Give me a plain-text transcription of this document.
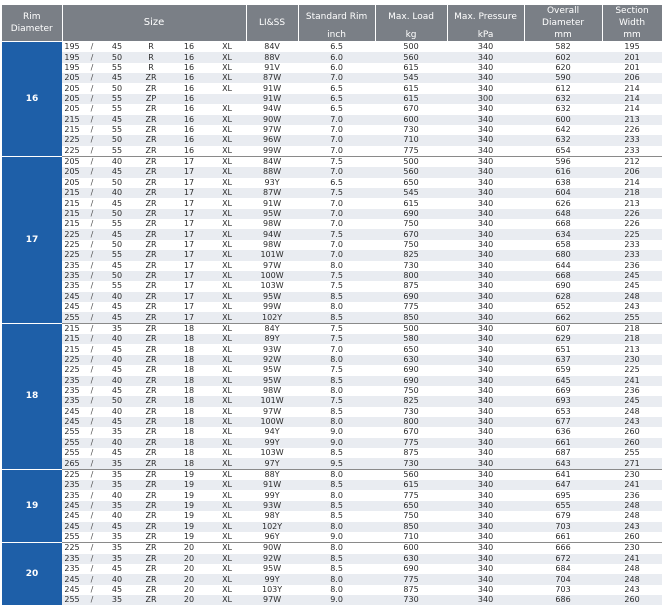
Rim Diameter	Size						LI&SS	Standard Rim	Max. Load	Max. Pressure	Overall Diameter	Section Width
								inch	kg	kPa	mm	mm
16	195	/	45	R	16	XL	84V	6.5	500	340	582	195
	195	/	50	R	16	XL	88V	6.0	560	340	602	201
	195	/	55	R	16	XL	91V	6.0	615	340	620	201
	205	/	45	ZR	16	XL	87W	7.0	545	340	590	206
	205	/	50	ZR	16	XL	91W	6.5	615	340	612	214
	205	/	55	ZP	16		91W	6.5	615	300	632	214
	205	/	55	ZR	16	XL	94W	6.5	670	340	632	214
	215	/	45	ZR	16	XL	90W	7.0	600	340	600	213
	215	/	55	ZR	16	XL	97W	7.0	730	340	642	226
	225	/	50	ZR	16	XL	96W	7.0	710	340	632	233
	225	/	55	ZR	16	XL	99W	7.0	775	340	654	233
17	205	/	40	ZR	17	XL	84W	7.5	500	340	596	212
	205	/	45	ZR	17	XL	88W	7.0	560	340	616	206
	205	/	50	ZR	17	XL	93Y	6.5	650	340	638	214
	215	/	40	ZR	17	XL	87W	7.5	545	340	604	218
	215	/	45	ZR	17	XL	91W	7.0	615	340	626	213
	215	/	50	ZR	17	XL	95W	7.0	690	340	648	226
	215	/	55	ZR	17	XL	98W	7.0	750	340	668	226
	225	/	45	ZR	17	XL	94W	7.5	670	340	634	225
	225	/	50	ZR	17	XL	98W	7.0	750	340	658	233
	225	/	55	ZR	17	XL	101W	7.0	825	340	680	233
	235	/	45	ZR	17	XL	97W	8.0	730	340	644	236
	235	/	50	ZR	17	XL	100W	7.5	800	340	668	245
	235	/	55	ZR	17	XL	103W	7.5	875	340	690	245
	245	/	40	ZR	17	XL	95W	8.5	690	340	628	248
	245	/	45	ZR	17	XL	99W	8.0	775	340	652	243
	255	/	45	ZR	17	XL	102Y	8.5	850	340	662	255
18	215	/	35	ZR	18	XL	84Y	7.5	500	340	607	218
	215	/	40	ZR	18	XL	89Y	7.5	580	340	629	218
	215	/	45	ZR	18	XL	93W	7.0	650	340	651	213
	225	/	40	ZR	18	XL	92W	8.0	630	340	637	230
	225	/	45	ZR	18	XL	95W	7.5	690	340	659	225
	235	/	40	ZR	18	XL	95W	8.5	690	340	645	241
	235	/	45	ZR	18	XL	98W	8.0	750	340	669	236
	235	/	50	ZR	18	XL	101W	7.5	825	340	693	245
	245	/	40	ZR	18	XL	97W	8.5	730	340	653	248
	245	/	45	ZR	18	XL	100W	8.0	800	340	677	243
	255	/	35	ZR	18	XL	94Y	9.0	670	340	636	260
	255	/	40	ZR	18	XL	99Y	9.0	775	340	661	260
	255	/	45	ZR	18	XL	103W	8.5	875	340	687	255
	265	/	35	ZR	18	XL	97Y	9.5	730	340	643	271
19	225	/	35	ZR	19	XL	88Y	8.0	560	340	641	230
	235	/	35	ZR	19	XL	91W	8.5	615	340	647	241
	235	/	40	ZR	19	XL	99Y	8.0	775	340	695	236
	245	/	35	ZR	19	XL	93W	8.5	650	340	655	248
	245	/	40	ZR	19	XL	98Y	8.5	750	340	679	248
	245	/	45	ZR	19	XL	102Y	8.0	850	340	703	243
	255	/	35	ZR	19	XL	96Y	9.0	710	340	661	260
20	225	/	35	ZR	20	XL	90W	8.0	600	340	666	230
	235	/	35	ZR	20	XL	92W	8.5	630	340	672	241
	235	/	45	ZR	20	XL	95W	8.5	690	340	684	248
	245	/	40	ZR	20	XL	99Y	8.0	775	340	704	248
	245	/	45	ZR	20	XL	103Y	8.0	875	340	703	243
	255	/	35	ZR	20	XL	97W	9.0	730	340	686	260
